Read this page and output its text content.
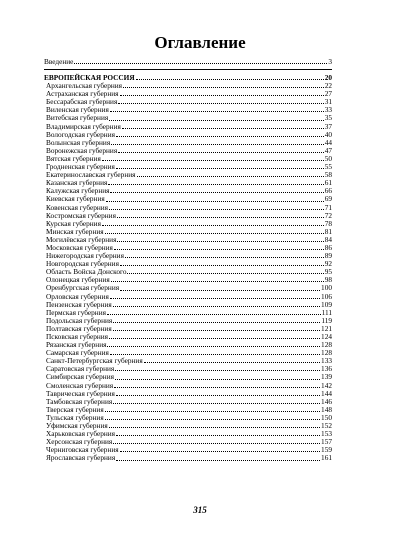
Оглавление
Введение	3
ЕВРОПЕЙСКАЯ РОССИЯ	20
Архангельская губерния	22
Астраханская губерния	27
Бессарабская губерния	31
Виленская губерния	33
Витебская губерния	35
Владимирская губерния	37
Вологодская губерния	40
Волынская губерния	44
Воронежская губерния	47
Вятская губерния	50
Гродненская губерния	55
Екатеринославская губерния	58
Казанская губерния	61
Калужская губерния	66
Киевская губерния	69
Ковенская губерния	71
Костромская губерния	72
Курская губерния	78
Минская губерния	81
Могилёвская губерния	84
Московская губерния	86
Нижегородская губерния	89
Новгородская губерния	92
Область Войска Донского	95
Олонецкая губерния	98
Оренбургская губерния	100
Орловская губерния	106
Пензенская губерния	109
Пермская губерния	111
Подольская губерния	119
Полтавская губерния	121
Псковская губерния	124
Рязанская губерния	128
Самарская губерния	128
Санкт-Петербургская губерния	133
Саратовская губерния	136
Симбирская губерния	139
Смоленская губерния	142
Таврическая губерния	144
Тамбовская губерния	146
Тверская губерния	148
Тульская губерния	150
Уфимская губерния	152
Харьковская губерния	153
Херсонская губерния	157
Черниговская губерния	159
Ярославская губерния	161
315
